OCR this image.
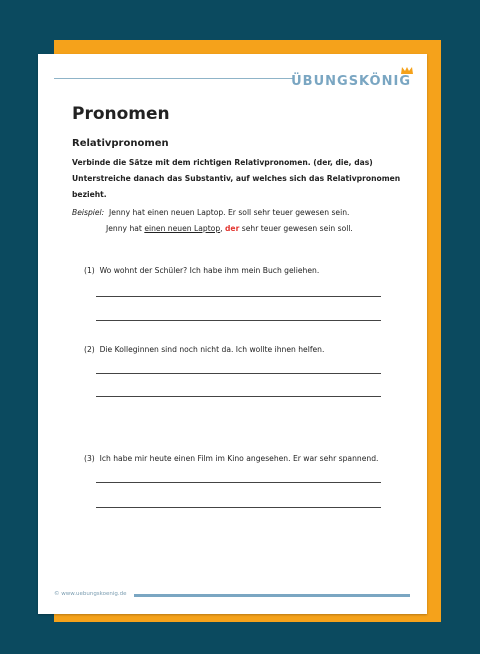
ÜBUNGSKÖNIG
Pronomen
Relativpronomen
Verbinde die Sätze mit dem richtigen Relativpronomen. (der, die, das) Unterstreiche danach das Substantiv, auf welches sich das Relativpronomen bezieht.
Beispiel: Jenny hat einen neuen Laptop. Er soll sehr teuer gewesen sein.
Jenny hat einen neuen Laptop, der sehr teuer gewesen sein soll.
(1) Wo wohnt der Schüler? Ich habe ihm mein Buch geliehen.
(2) Die Kolleginnen sind noch nicht da. Ich wollte ihnen helfen.
(3) Ich habe mir heute einen Film im Kino angesehen. Er war sehr spannend.
© www.uebungskoenig.de
